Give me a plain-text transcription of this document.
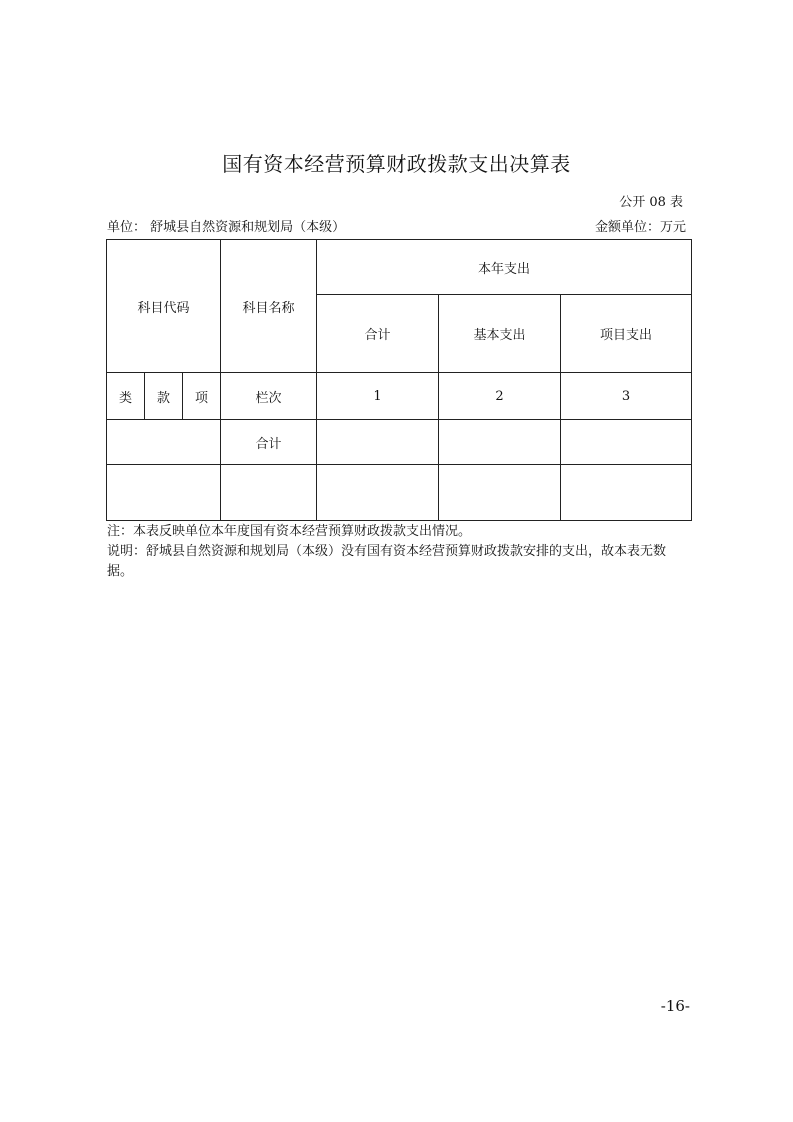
国有资本经营预算财政拨款支出决算表
公开 08 表
单位： 舒城县自然资源和规划局（本级）	金额单位：万元
科目代码			科目名称	本年支出		
				合计	基本支出	项目支出
类	款	项	栏次	1	2	3
			合计			

注：本表反映单位本年度国有资本经营预算财政拨款支出情况。

说明：舒城县自然资源和规划局（本级）没有国有资本经营预算财政拨款安排的支出，故本表无数据。

-16-
